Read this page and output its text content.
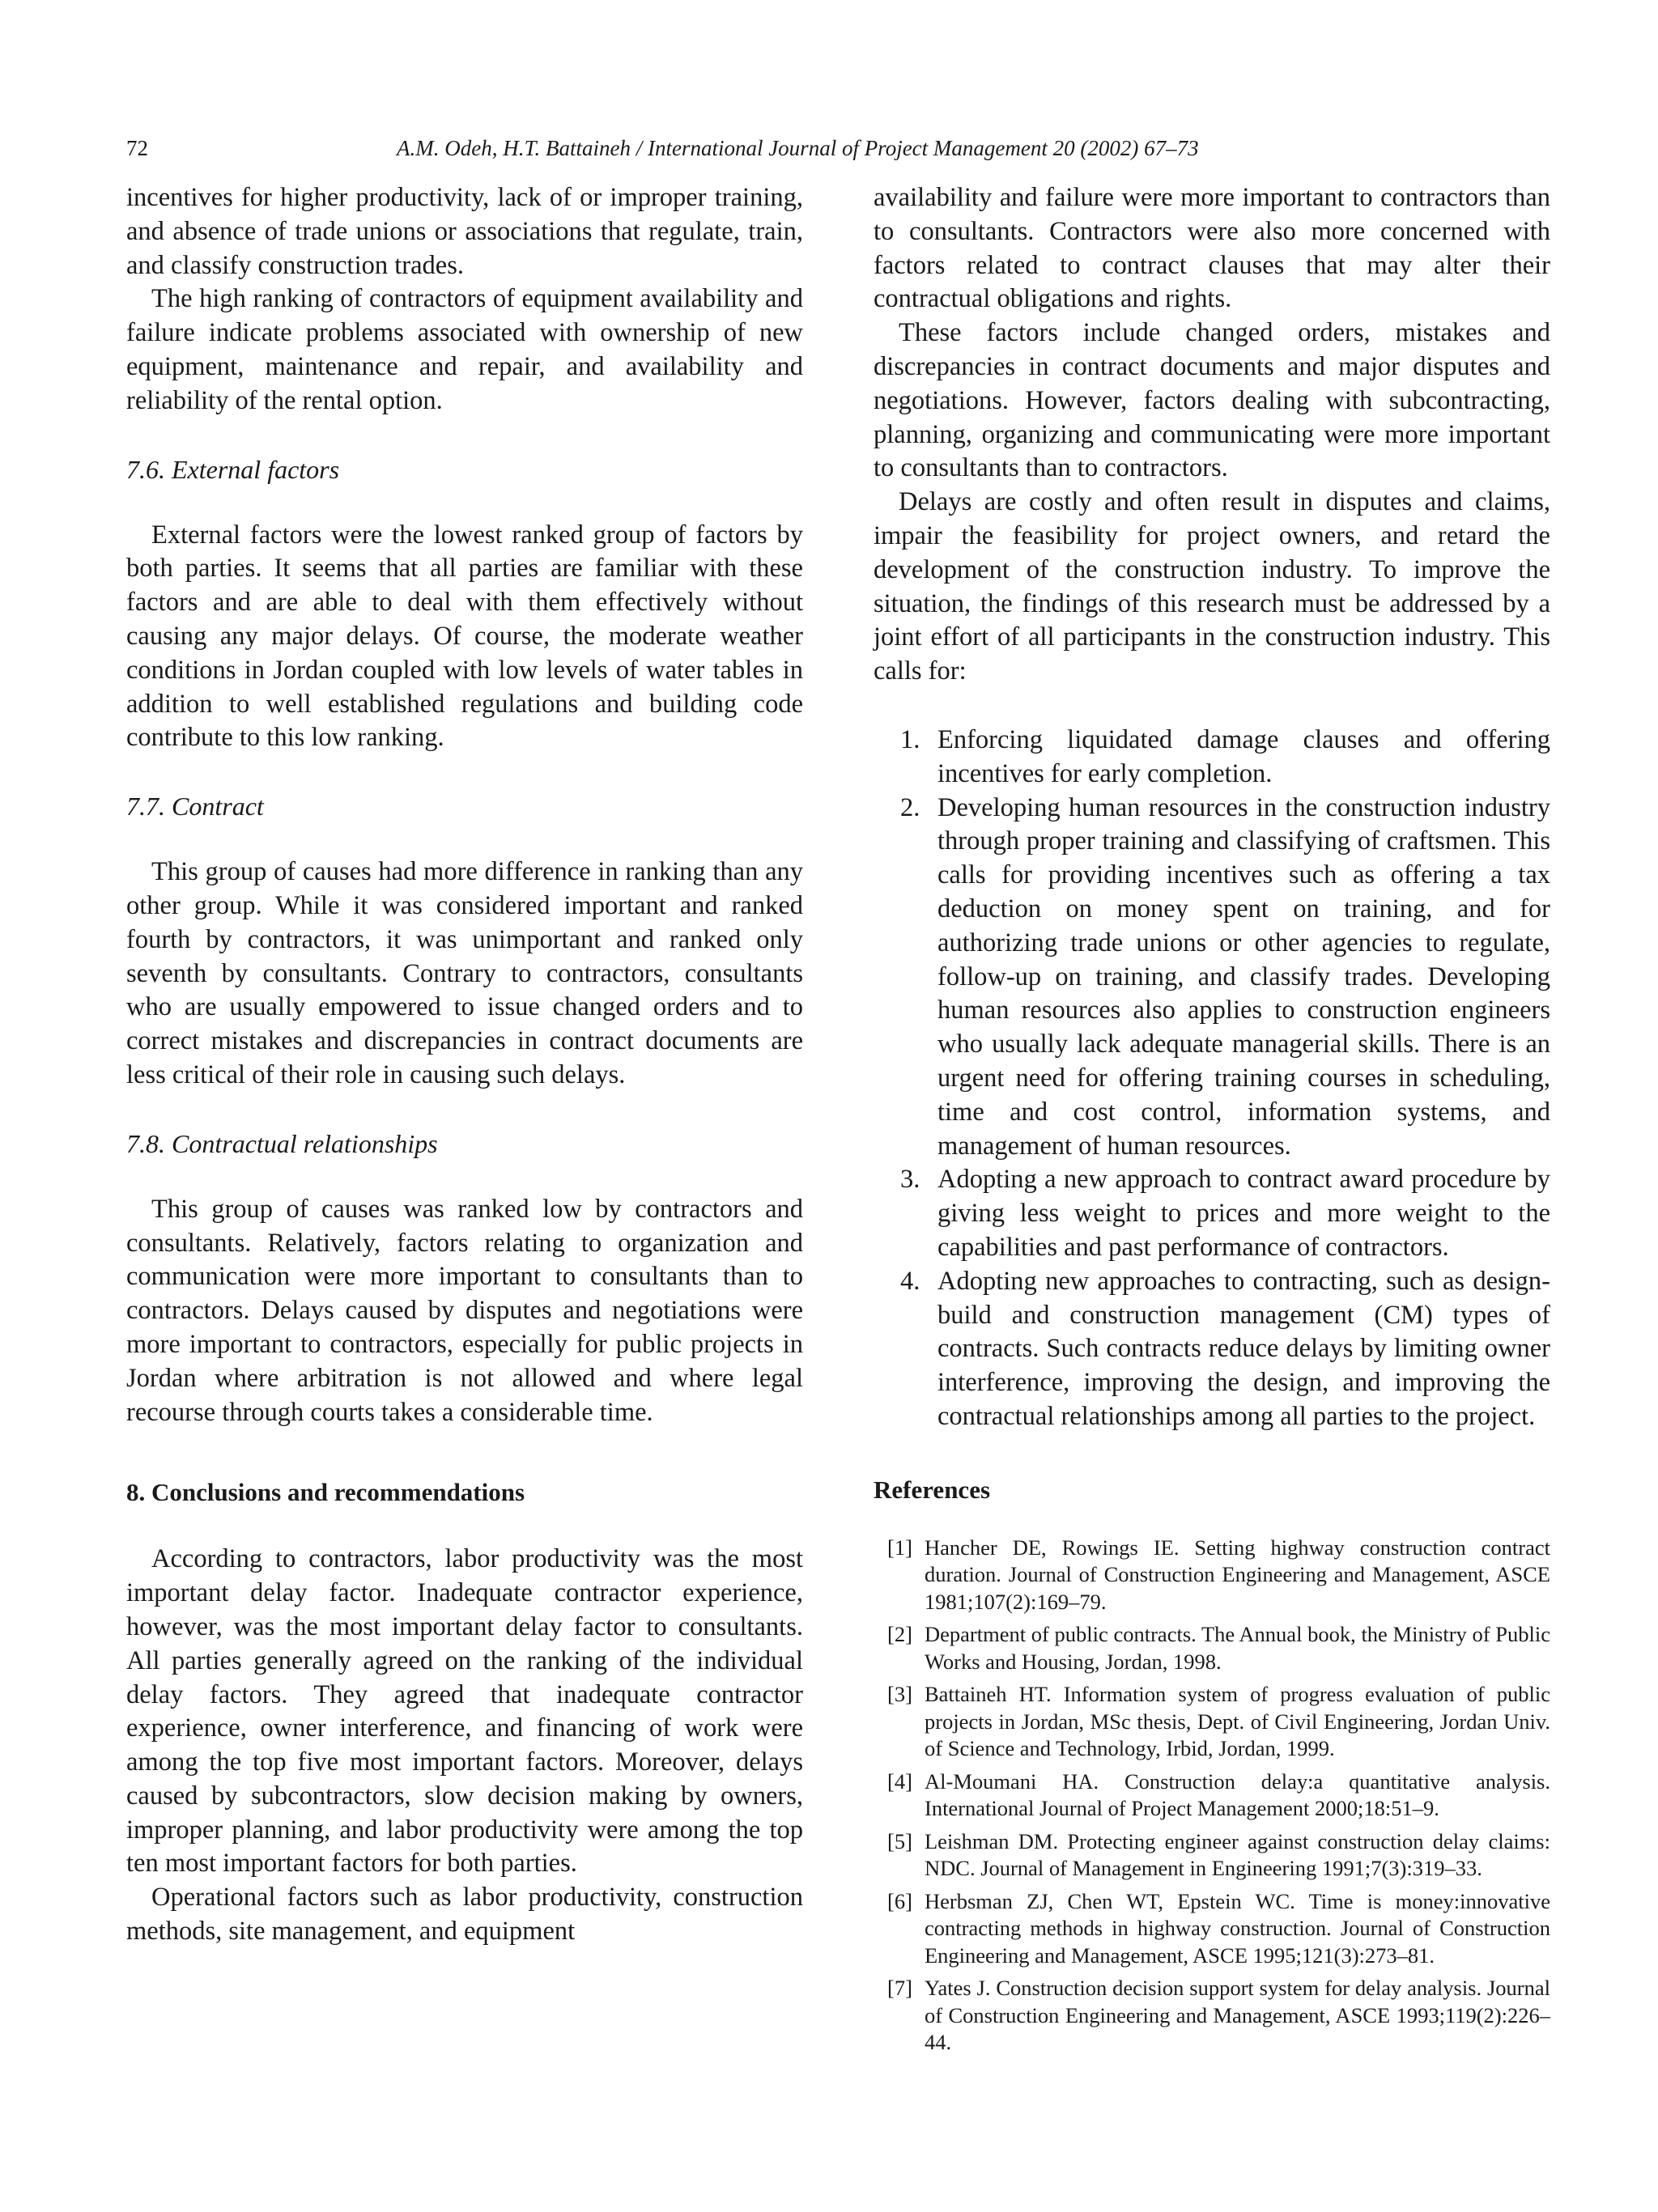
72	A.M. Odeh, H.T. Battaineh / International Journal of Project Management 20 (2002) 67–73

incentives for higher productivity, lack of or improper training, and absence of trade unions or associations that regulate, train, and classify construction trades.

The high ranking of contractors of equipment availability and failure indicate problems associated with ownership of new equipment, maintenance and repair, and availability and reliability of the rental option.

7.6. External factors

External factors were the lowest ranked group of factors by both parties. It seems that all parties are familiar with these factors and are able to deal with them effectively without causing any major delays. Of course, the moderate weather conditions in Jordan coupled with low levels of water tables in addition to well established regulations and building code contribute to this low ranking.

7.7. Contract

This group of causes had more difference in ranking than any other group. While it was considered important and ranked fourth by contractors, it was unimportant and ranked only seventh by consultants. Contrary to contractors, consultants who are usually empowered to issue changed orders and to correct mistakes and discrepancies in contract documents are less critical of their role in causing such delays.

7.8. Contractual relationships

This group of causes was ranked low by contractors and consultants. Relatively, factors relating to organization and communication were more important to consultants than to contractors. Delays caused by disputes and negotiations were more important to contractors, especially for public projects in Jordan where arbitration is not allowed and where legal recourse through courts takes a considerable time.

8. Conclusions and recommendations

According to contractors, labor productivity was the most important delay factor. Inadequate contractor experience, however, was the most important delay factor to consultants. All parties generally agreed on the ranking of the individual delay factors. They agreed that inadequate contractor experience, owner interference, and financing of work were among the top five most important factors. Moreover, delays caused by subcontractors, slow decision making by owners, improper planning, and labor productivity were among the top ten most important factors for both parties.

Operational factors such as labor productivity, construction methods, site management, and equipment

availability and failure were more important to contractors than to consultants. Contractors were also more concerned with factors related to contract clauses that may alter their contractual obligations and rights.

These factors include changed orders, mistakes and discrepancies in contract documents and major disputes and negotiations. However, factors dealing with subcontracting, planning, organizing and communicating were more important to consultants than to contractors.

Delays are costly and often result in disputes and claims, impair the feasibility for project owners, and retard the development of the construction industry. To improve the situation, the findings of this research must be addressed by a joint effort of all participants in the construction industry. This calls for:

1. Enforcing liquidated damage clauses and offering incentives for early completion.
2. Developing human resources in the construction industry through proper training and classifying of craftsmen. This calls for providing incentives such as offering a tax deduction on money spent on training, and for authorizing trade unions or other agencies to regulate, follow-up on training, and classify trades. Developing human resources also applies to construction engineers who usually lack adequate managerial skills. There is an urgent need for offering training courses in scheduling, time and cost control, information systems, and management of human resources.
3. Adopting a new approach to contract award procedure by giving less weight to prices and more weight to the capabilities and past performance of contractors.
4. Adopting new approaches to contracting, such as design-build and construction management (CM) types of contracts. Such contracts reduce delays by limiting owner interference, improving the design, and improving the contractual relationships among all parties to the project.
References
[1] Hancher DE, Rowings IE. Setting highway construction contract duration. Journal of Construction Engineering and Management, ASCE 1981;107(2):169–79.
[2] Department of public contracts. The Annual book, the Ministry of Public Works and Housing, Jordan, 1998.
[3] Battaineh HT. Information system of progress evaluation of public projects in Jordan, MSc thesis, Dept. of Civil Engineering, Jordan Univ. of Science and Technology, Irbid, Jordan, 1999.
[4] Al-Moumani HA. Construction delay:a quantitative analysis. International Journal of Project Management 2000;18:51–9.
[5] Leishman DM. Protecting engineer against construction delay claims: NDC. Journal of Management in Engineering 1991;7(3):319–33.
[6] Herbsman ZJ, Chen WT, Epstein WC. Time is money:innovative contracting methods in highway construction. Journal of Construction Engineering and Management, ASCE 1995;121(3):273–81.
[7] Yates J. Construction decision support system for delay analysis. Journal of Construction Engineering and Management, ASCE 1993;119(2):226–44.
